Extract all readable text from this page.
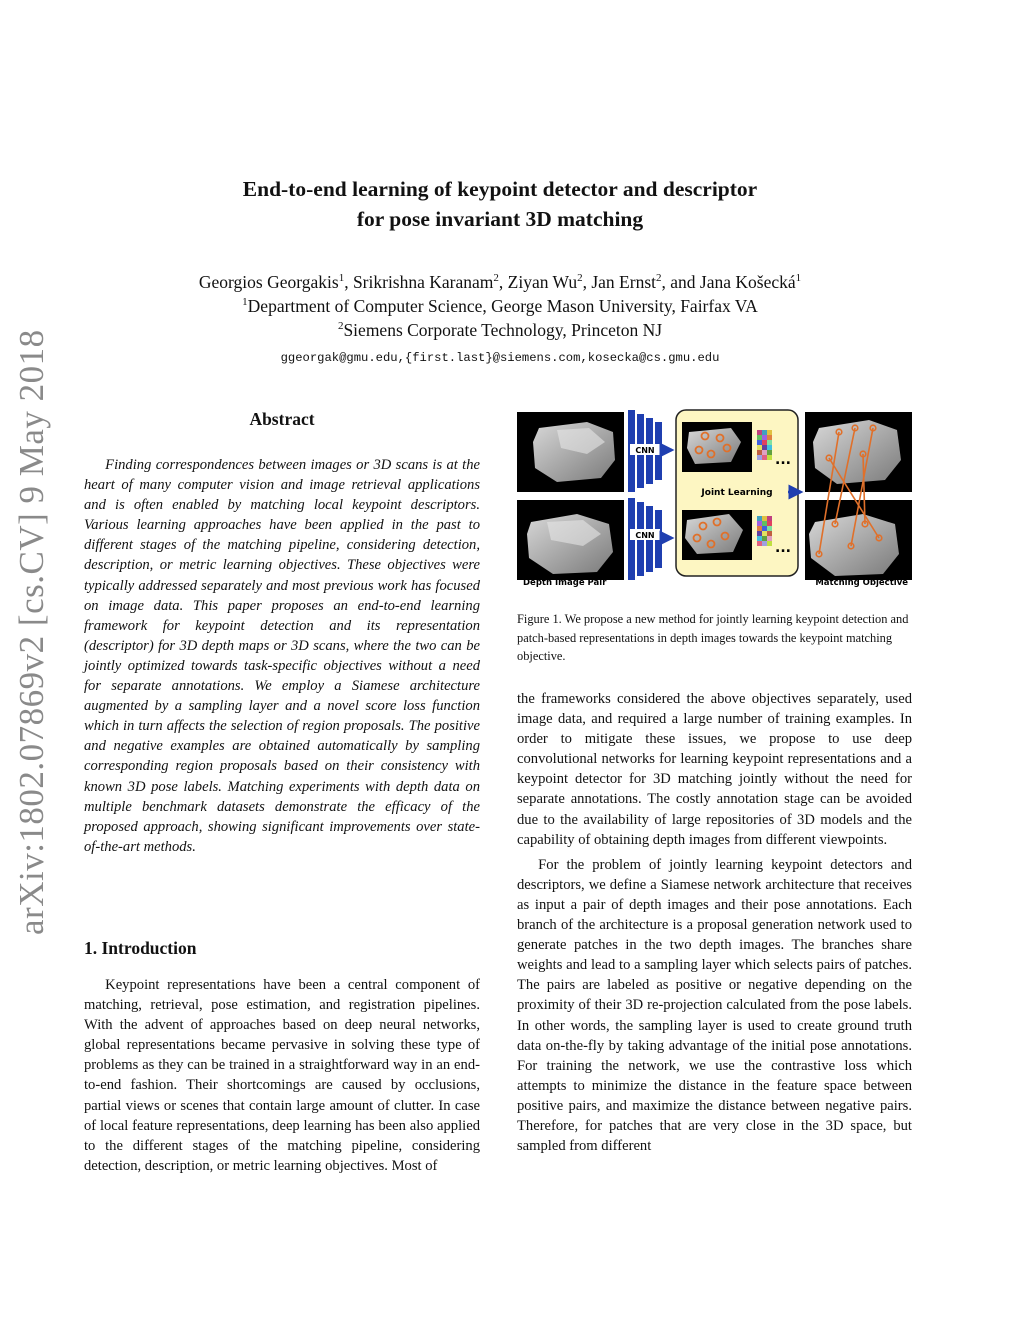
arXiv:1802.07869v2 [cs.CV] 9 May 2018
End-to-end learning of keypoint detector and descriptor
for pose invariant 3D matching
Georgios Georgakis$^1$, Srikrishna Karanam$^2$, Ziyan Wu$^2$, Jan Ernst$^2$, and Jana Košecká$^1$
$^1$Department of Computer Science, George Mason University, Fairfax VA
$^2$Siemens Corporate Technology, Princeton NJ
ggeorgak@gmu.edu,{first.last}@siemens.com,kosecka@cs.gmu.edu
Abstract

Finding correspondences between images or 3D scans is at the heart of many computer vision and image retrieval applications and is often enabled by matching local keypoint descriptors. Various learning approaches have been applied in the past to different stages of the matching pipeline, considering detection, description, or metric learning objectives. These objectives were typically addressed separately and most previous work has focused on image data. This paper proposes an end-to-end learning framework for keypoint detection and its representation (descriptor) for 3D depth maps or 3D scans, where the two can be jointly optimized towards task-specific objectives without a need for separate annotations. We employ a Siamese architecture augmented by a sampling layer and a novel score loss function which in turn affects the selection of region proposals. The positive and negative examples are obtained automatically by sampling corresponding region proposals based on their consistency with known 3D pose labels. Matching experiments with depth data on multiple benchmark datasets demonstrate the efficacy of the proposed approach, showing significant improvements over state-of-the-art methods.

1. Introduction

Keypoint representations have been a central component of matching, retrieval, pose estimation, and registration pipelines. With the advent of approaches based on deep neural networks, global representations became pervasive in solving these type of problems as they can be trained in a straightforward way in an end-to-end fashion. Their shortcomings are caused by occlusions, partial views or scenes that contain large amount of clutter. In case of local feature representations, deep learning has been also applied to the different stages of the matching pipeline, considering detection, description, or metric learning objectives. Most of

CNN
CNN
...
Joint Learning
...
Depth Image Pair	Matching Objective
Figure 1. We propose a new method for jointly learning keypoint detection and patch-based representations in depth images towards the keypoint matching objective.

the frameworks considered the above objectives separately, used image data, and required a large number of training examples. In order to mitigate these issues, we propose to use deep convolutional networks for learning keypoint representations and a keypoint detector for 3D matching jointly without the need for separate annotations. The costly annotation stage can be avoided due to the availability of large repositories of 3D models and the capability of obtaining depth images from different viewpoints.

For the problem of jointly learning keypoint detectors and descriptors, we define a Siamese network architecture that receives as input a pair of depth images and their pose annotations. Each branch of the architecture is a proposal generation network used to generate patches in the two depth images. The branches share weights and lead to a sampling layer which selects pairs of patches. The pairs are labeled as positive or negative depending on the proximity of their 3D re-projection calculated from the pose labels. In other words, the sampling layer is used to create ground truth data on-the-fly by taking advantage of the initial pose annotations. For training the network, we use the contrastive loss which attempts to minimize the distance in the feature space between positive pairs, and maximize the distance between negative pairs. Therefore, for patches that are very close in the 3D space, but sampled from different
